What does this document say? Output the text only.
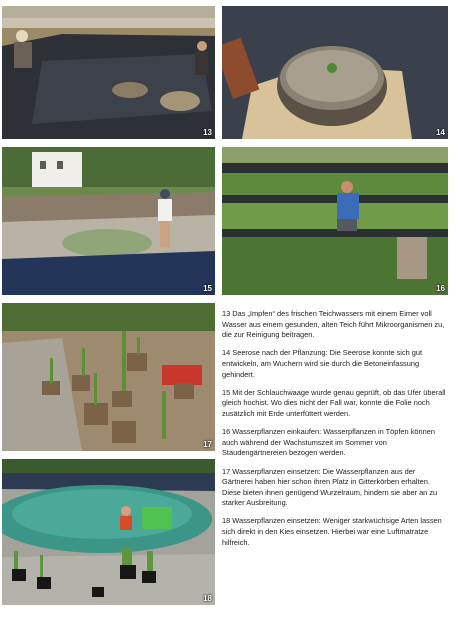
13	14
15	16
17
18

13 Das „Impfen“ des frischen Teichwassers mit einem Eimer voll Wasser aus einem gesunden, alten Teich führt Mikroorganismen zu, die zur Reinigung beitragen.

14 Seerose nach der Pflanzung: Die Seerose konnte sich gut entwickeln, am Wuchern wird sie durch die Betoneinfassung gehindert.

15 Mit der Schlauchwaage wurde genau geprüft, ob das Ufer überall gleich hochist. Wo dies nicht der Fall war, konnte die Folie noch zusätzlich mit Erde unterfüttert werden.

16 Wasserpflanzen einkaufen: Wasserpflanzen in Töpfen können auch während der Wachstumszeit im Sommer von Staudengärtnereien bezogen werden.

17 Wasserpflanzen einsetzen: Die Wasserpflanzen aus der Gärtnerei haben hier schon ihren Platz in Gitterkörben erhalten. Diese bieten ihnen genügend Wurzelraum, hindern sie aber an zu starker Ausbreitung.

18 Wasserpflanzen einsetzen: Weniger starkwüchsige Arten lassen sich direkt in den Kies einsetzen. Hierbei war eine Luftmatratze hilfreich.
